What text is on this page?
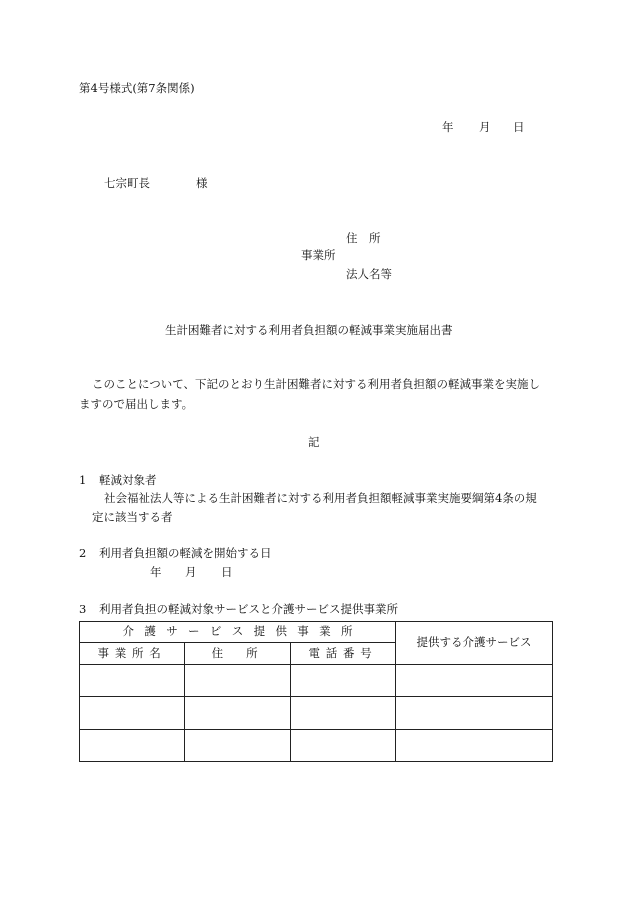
第4号様式(第7条関係)
年 月 日
七宗町長	様
住　所
事業所
法人名等
生計困難者に対する利用者負担額の軽減事業実施届出書
このことについて、下記のとおり生計困難者に対する利用者負担額の軽減事業を実施し
ますので届出します。
記
1 軽減対象者
社会福祉法人等による生計困難者に対する利用者負担額軽減事業実施要綱第4条の規
定に該当する者
2 利用者負担額の軽減を開始する日
年 月 日
3 利用者負担の軽減対象サービスと介護サービス提供事業所
介護サービス提供事業所			提供する介護サービス
事業所名	住　所	電話番号	
